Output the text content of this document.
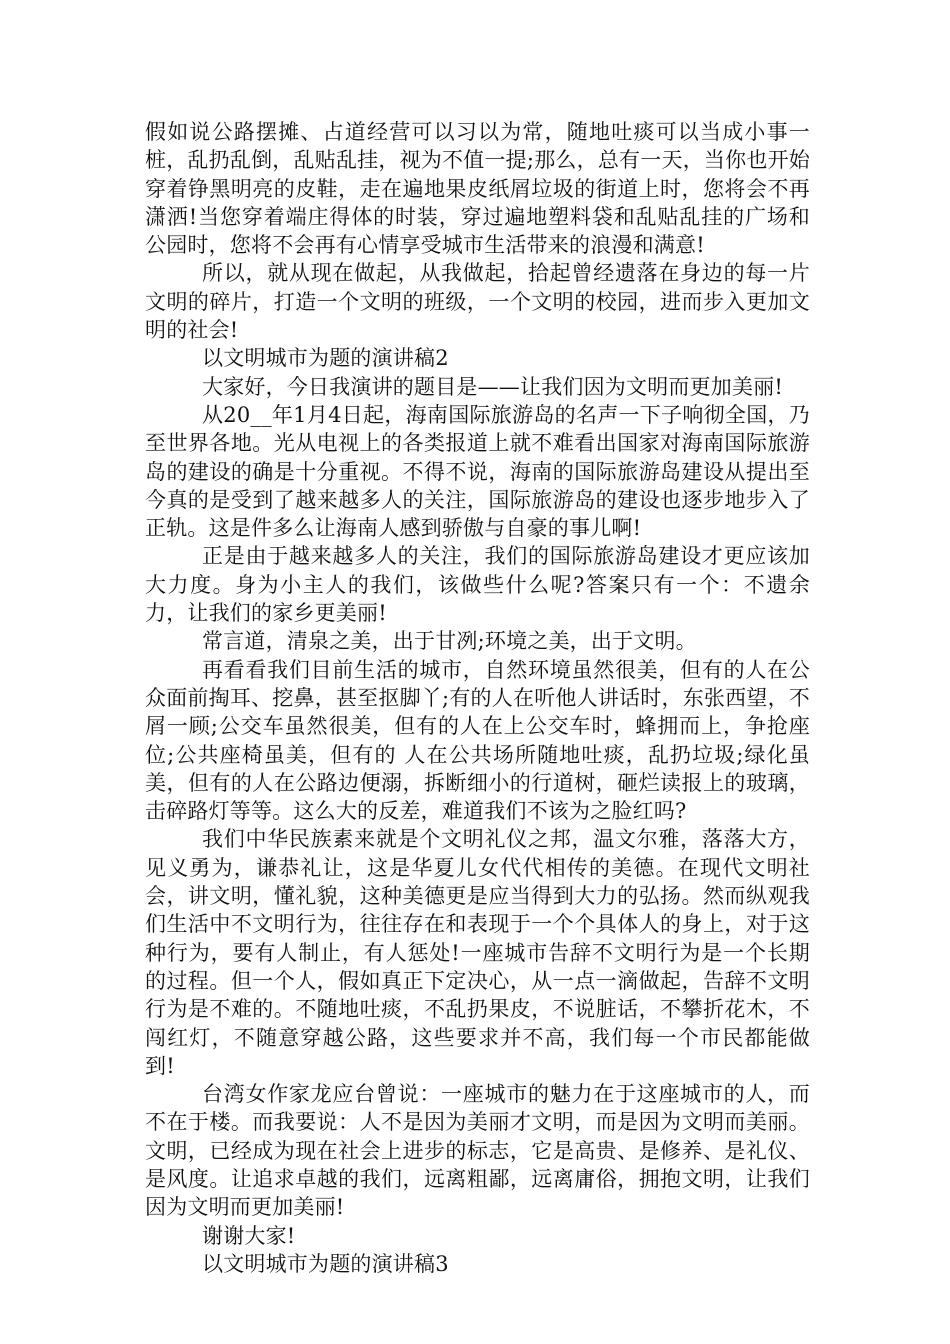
假如说公路摆摊、占道经营可以习以为常，随地吐痰可以当成小事一桩，乱扔乱倒，乱贴乱挂，视为不值一提;那么，总有一天，当你也开始穿着铮黑明亮的皮鞋，走在遍地果皮纸屑垃圾的街道上时，您将会不再潇洒!当您穿着端庄得体的时装，穿过遍地塑料袋和乱贴乱挂的广场和公园时，您将不会再有心情享受城市生活带来的浪漫和满意!

所以，就从现在做起，从我做起，拾起曾经遗落在身边的每一片文明的碎片，打造一个文明的班级，一个文明的校园，进而步入更加文明的社会!

以文明城市为题的演讲稿2

大家好，今日我演讲的题目是——让我们因为文明而更加美丽!

从20__年1月4日起，海南国际旅游岛的名声一下子响彻全国，乃至世界各地。光从电视上的各类报道上就不难看出国家对海南国际旅游岛的建设的确是十分重视。不得不说，海南的国际旅游岛建设从提出至今真的是受到了越来越多人的关注，国际旅游岛的建设也逐步地步入了正轨。这是件多么让海南人感到骄傲与自豪的事儿啊!

正是由于越来越多人的关注，我们的国际旅游岛建设才更应该加大力度。身为小主人的我们，该做些什么呢?答案只有一个：不遗余力，让我们的家乡更美丽!

常言道，清泉之美，出于甘冽;环境之美，出于文明。

再看看我们目前生活的城市，自然环境虽然很美，但有的人在公众面前掏耳、挖鼻，甚至抠脚丫;有的人在听他人讲话时，东张西望，不屑一顾;公交车虽然很美，但有的人在上公交车时，蜂拥而上，争抢座位;公共座椅虽美，但有的 人在公共场所随地吐痰，乱扔垃圾;绿化虽美，但有的人在公路边便溺，拆断细小的行道树，砸烂读报上的玻璃，击碎路灯等等。这么大的反差，难道我们不该为之脸红吗?

我们中华民族素来就是个文明礼仪之邦，温文尔雅，落落大方，见义勇为，谦恭礼让，这是华夏儿女代代相传的美德。在现代文明社会，讲文明，懂礼貌，这种美德更是应当得到大力的弘扬。然而纵观我们生活中不文明行为，往往存在和表现于一个个具体人的身上，对于这种行为，要有人制止，有人惩处!一座城市告辞不文明行为是一个长期的过程。但一个人，假如真正下定决心，从一点一滴做起，告辞不文明行为是不难的。不随地吐痰，不乱扔果皮，不说脏话，不攀折花木，不闯红灯，不随意穿越公路，这些要求并不高，我们每一个市民都能做到!

台湾女作家龙应台曾说：一座城市的魅力在于这座城市的人，而不在于楼。而我要说：人不是因为美丽才文明，而是因为文明而美丽。文明，已经成为现在社会上进步的标志，它是高贵、是修养、是礼仪、是风度。让追求卓越的我们，远离粗鄙，远离庸俗，拥抱文明，让我们因为文明而更加美丽!

谢谢大家!

以文明城市为题的演讲稿3
